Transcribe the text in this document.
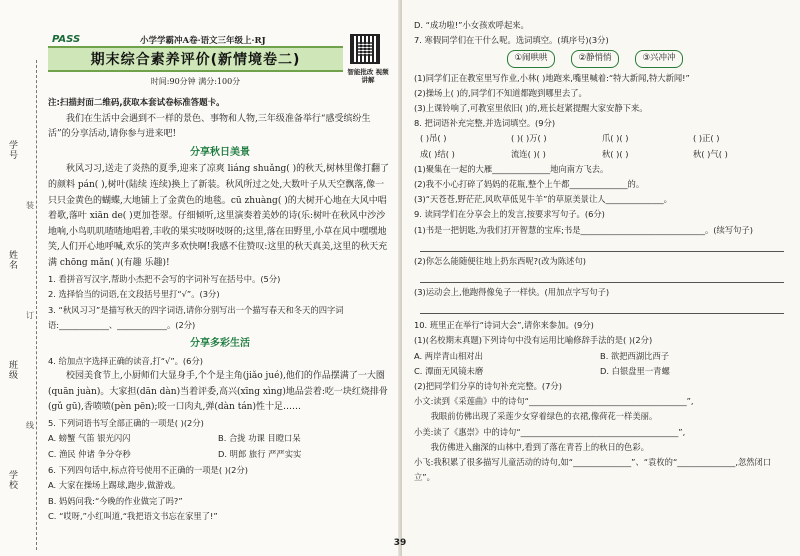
学号
姓名
班级
学校
装
订
线
PASS	小学学霸冲A卷·语文三年级上·RJ
期末综合素养评价(新情境卷二)
时间:90分钟 满分:100分
智能批改 视频讲解
注:扫描封面二维码,获取本套试卷标准答题卡。
我们在生活中会遇到不一样的景色、事物和人物,三年级准备举行“感受缤纷生活”的分享活动,请你参与进来吧!
分享秋日美景
秋风习习,送走了炎热的夏季,迎来了凉爽 liáng shuǎng( )的秋天,树林里像打翻了的颜料 pán( ),树叶(陆续 连续)换上了新装。秋风所过之处,大数叶子从天空飘落,像一只只金黄色的蝴蝶,大地铺上了金黄色的地毯。cū zhuàng( )的大树开心地在大风中唱着歌,落叶 xiān de( )更加苍翠。仔细倾听,这里演奏着美妙的诗(乐:树叶在秋风中沙沙地响,小鸟叽叽喳喳地唱着,丰收的果实吱呀吱呀的;这里,落在田野里,小草在风中嘿嘿地笑,人们开心地呼喊,欢乐的笑声多欢快啊!我感不住赞叹:这里的秋天真美,这里的秋天充满 chōng mǎn( )(有趣 乐趣)!
1. 看拼音写汉字,帮助小杰把不会写的字词补写在括号中。(5分)
2. 选择恰当的词语,在文段括号里打“√”。(3分)
3. “秋风习习”是描写秋天的四字词语,请你分别写出一个描写春天和冬天的四字词语:____________、____________。(2分)
分享多彩生活
4. 给加点字选择正确的读音,打“√”。(6分)
校园美食节上,小厨师们大显身手,个个是主角(jiǎo jué),他们的作品摆满了一大圈(quān juàn)。大家担(dān dàn)当着评委,高兴(xīng xìng)地品尝着:吃一块红烧排骨(gǔ gū),香喷喷(pèn pēn);咬一口肉丸,弹(dàn tán)性十足……
5. 下列词语书写全部正确的一项是( )(2分)
A. 螃蟹 气笛 银光闪闪	B. 合拢 功课 目瞪口呆
C. 渔民 仲诸 争分夺秒	D. 明郎 旅行 严严实实
6. 下列四句话中,标点符号使用不正确的一项是( )(2分)
A. 大家在操场上踢球,跑步,做游戏。
B. 妈妈问我:“今晚的作业做完了吗?”
C. “哎呀,”小红叫道,“我把语文书忘在家里了!”
D. “成功啦!”小女孩欢呼起来。
7. 寒假同学们在干什么呢。选词填空。(填序号)(3分)
①闹哄哄	②静悄悄	③兴冲冲
(1)同学们正在教室里写作业,小林( )地跑来,嘴里喊着:“特大新闻,特大新闻!”
(2)操场上( )的,同学们不知道都跑到哪里去了。
(3)上课铃响了,可教室里依旧( )的,班长赶紧提醒大家安静下来。
8. 把词语补充完整,并选词填空。(9分)
( )吊( )	( )( )万( )	爪( )( )	( )正( )
成( )结( )	流连( )( )	秋( )( )	秋( )气( )
(1)聚集在一起的大雁______________地向南方飞去。
(2)我不小心打碎了妈妈的花瓶,整个上午都______________的。
(3)“天苍苍,野茫茫,风吹草低见牛羊”的草原美景让人______________。
9. 读同学们在分享会上的发言,按要求写句子。(6分)
(1)书是一把钥匙,为我们打开智慧的宝库;书是______________________________。(续写句子)
(2)你怎么能随便往地上扔东西呢?(改为陈述句)
(3)运动会上,他跑得像兔子一样快。(用加点字写句子)
10. 班里正在举行“诗词大会”,请你来参加。(9分)
(1)(名校期末真题)下列诗句中没有运用比喻修辞手法的是( )(2分)
A. 两岸青山相对出	B. 欲把西湖比西子
C. 潭面无风镜未磨	D. 白银盘里一青螺
(2)把同学们分享的诗句补充完整。(7分)
小文:读到《采莲曲》中的诗句“______________________________________”,
我眼前仿佛出现了采莲少女穿着绿色的衣裙,像荷花一样美丽。
小美:读了《惠崇》中的诗句“______________________________________”,
我仿佛进入幽深的山林中,看到了落在青苔上的秋日的色彩。
小飞:我积累了很多描写儿童活动的诗句,如“______________”、“袁枚的“______________,忽然闭口立”。
39
